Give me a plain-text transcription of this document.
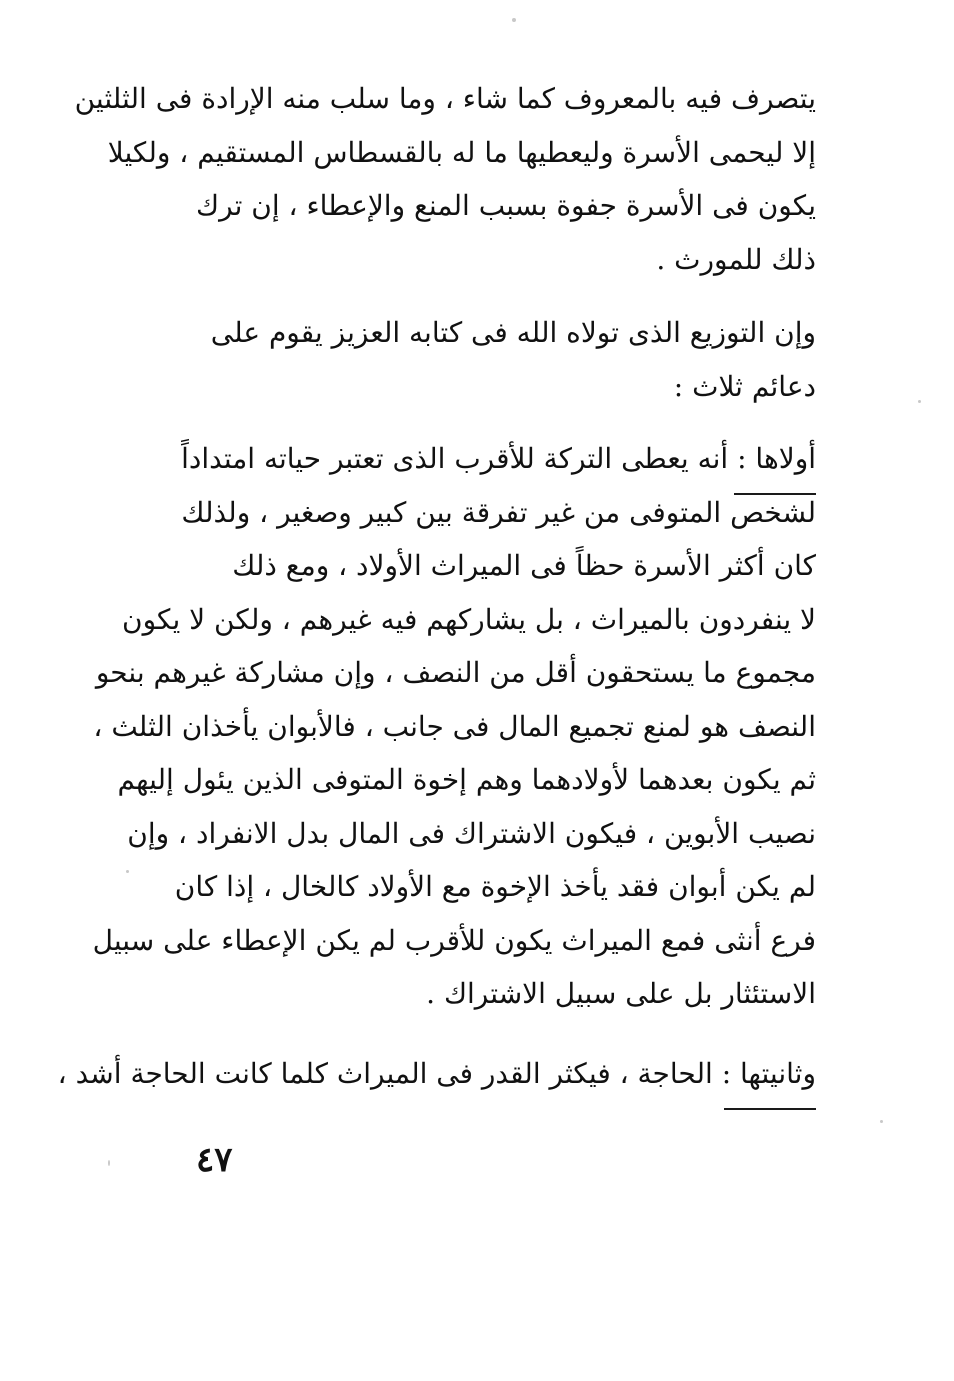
يتصرف فيه بالمعروف كما شاء ، وما سلب منه الإرادة فى الثلثين
إلا ليحمى الأسرة وليعطيها ما له بالقسطاس المستقيم ، ولكيلا
يكون فى الأسرة جفوة بسبب المنع والإعطاء ، إن ترك
ذلك للمورث .
وإن التوزيع الذى تولاه الله فى كتابه العزيز يقوم على
دعائم ثلاث :
أولاها :
أنه يعطى التركة للأقرب الذى تعتبر حياته امتداداً
لشخص المتوفى من غير تفرقة بين كبير وصغير ، ولذلك
كان أكثر الأسرة حظاً فى الميراث الأولاد ، ومع ذلك
لا ينفردون بالميراث ، بل يشاركهم فيه غيرهم ، ولكن لا يكون
مجموع ما يستحقون أقل من النصف ، وإن مشاركة غيرهم بنحو
النصف هو لمنع تجميع المال فى جانب ، فالأبوان يأخذان الثلث ،
ثم يكون بعدهما لأولادهما وهم إخوة المتوفى الذين يئول إليهم
نصيب الأبوين ، فيكون الاشتراك فى المال بدل الانفراد ، وإن
لم يكن أبوان فقد يأخذ الإخوة مع الأولاد كالخال ، إذا كان
فرع أنثى فمع الميراث يكون للأقرب لم يكن الإعطاء على سبيل
الاستئثار بل على سبيل الاشتراك .
وثانيتها :
الحاجة ، فيكثر القدر فى الميراث كلما كانت الحاجة أشد ،
٤٧
